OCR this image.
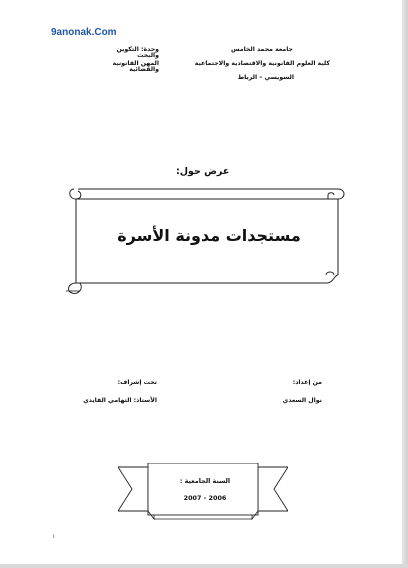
9anonak.Com
جامعة محمد الخامس
كلية العلوم القانونية والاقتصادية والاجتماعية
السويسي – الرباط
وحدة: التكوين والبحث
المهن القانونية والقضائية
عرض حول:
مستجدات مدونة الأسرة
من إعداد:
نوال السعدي
تحت إشراف:
الأستاذ: التهامي القايدي
السنة الجامعية :
2007 - 2006
ı
